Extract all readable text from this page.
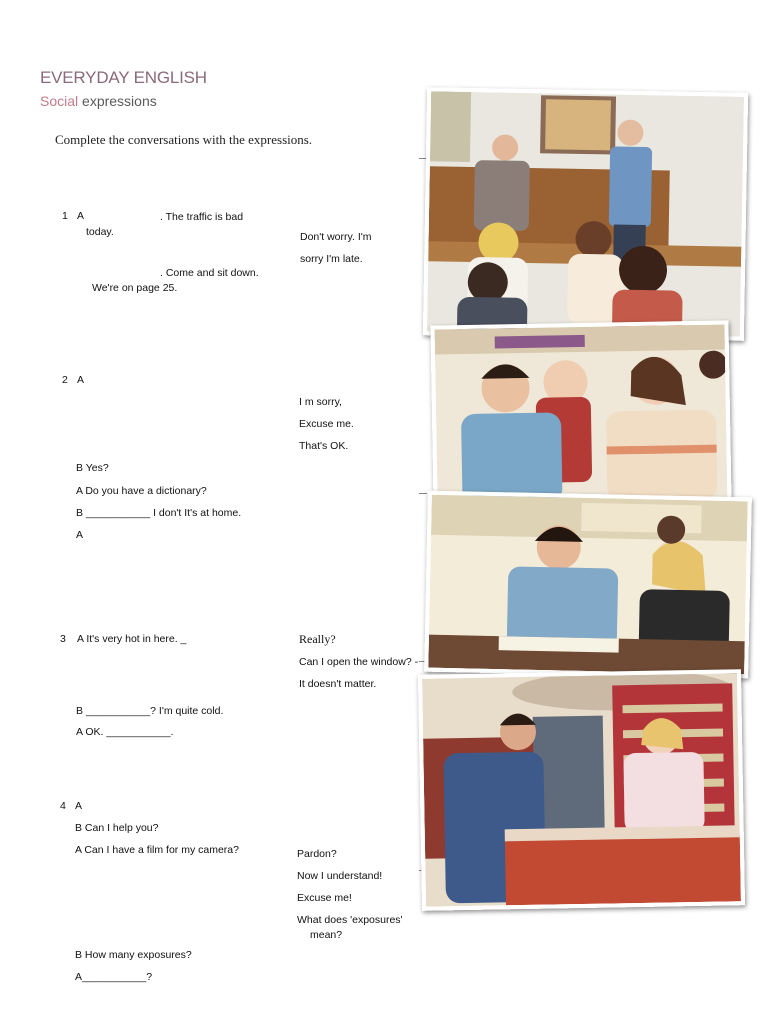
EVERYDAY ENGLISH
Social expressions
Complete the conversations with the expressions.
1 A	. The traffic is bad
today.
. Come and sit down.
We're on page 25.
Don't worry. I'm
sorry I'm late.
2 A
I m sorry,
Excuse me.
That's OK.
B Yes?
A Do you have a dictionary?
B ___________ I don't It's at home.
A
3 A It's very hot in here. _	Really?
Can I open the window? -
It doesn't matter.
B ___________? I'm quite cold.
A OK. ___________.
4 A
B Can I help you?
A Can I have a film for my camera?	Pardon?
Now I understand!
Excuse me!
What does 'exposures'
mean?
B How many exposures?
A___________?
